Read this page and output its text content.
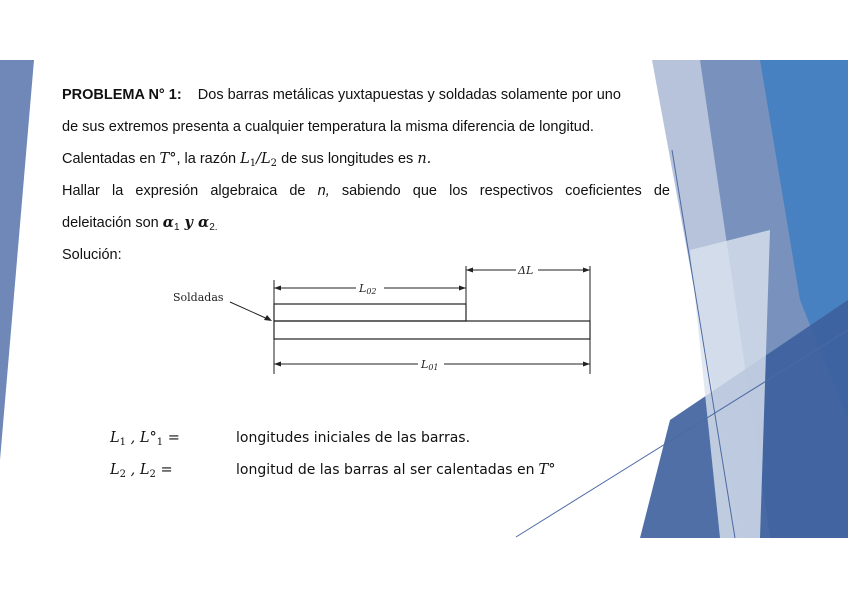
PROBLEMA N° 1: Dos barras metálicas yuxtapuestas y soldadas solamente por uno
de sus extremos presenta a cualquier temperatura la misma diferencia de longitud.
Calentadas en T°, la razón $L_1/L_2$ de sus longitudes es n.
Hallar la expresión algebraica de n, sabiendo que los respectivos coeficientes de
deleitación son $\alpha_1$ y $\alpha_{2.}$
Solución:
L02
ΔL
L01
Soldadas
$L_1$ , $L^\circ_1$ =	longitudes iniciales de las barras.
$L_2$ , $L_2$ =	longitud de las barras al ser calentadas en T°
